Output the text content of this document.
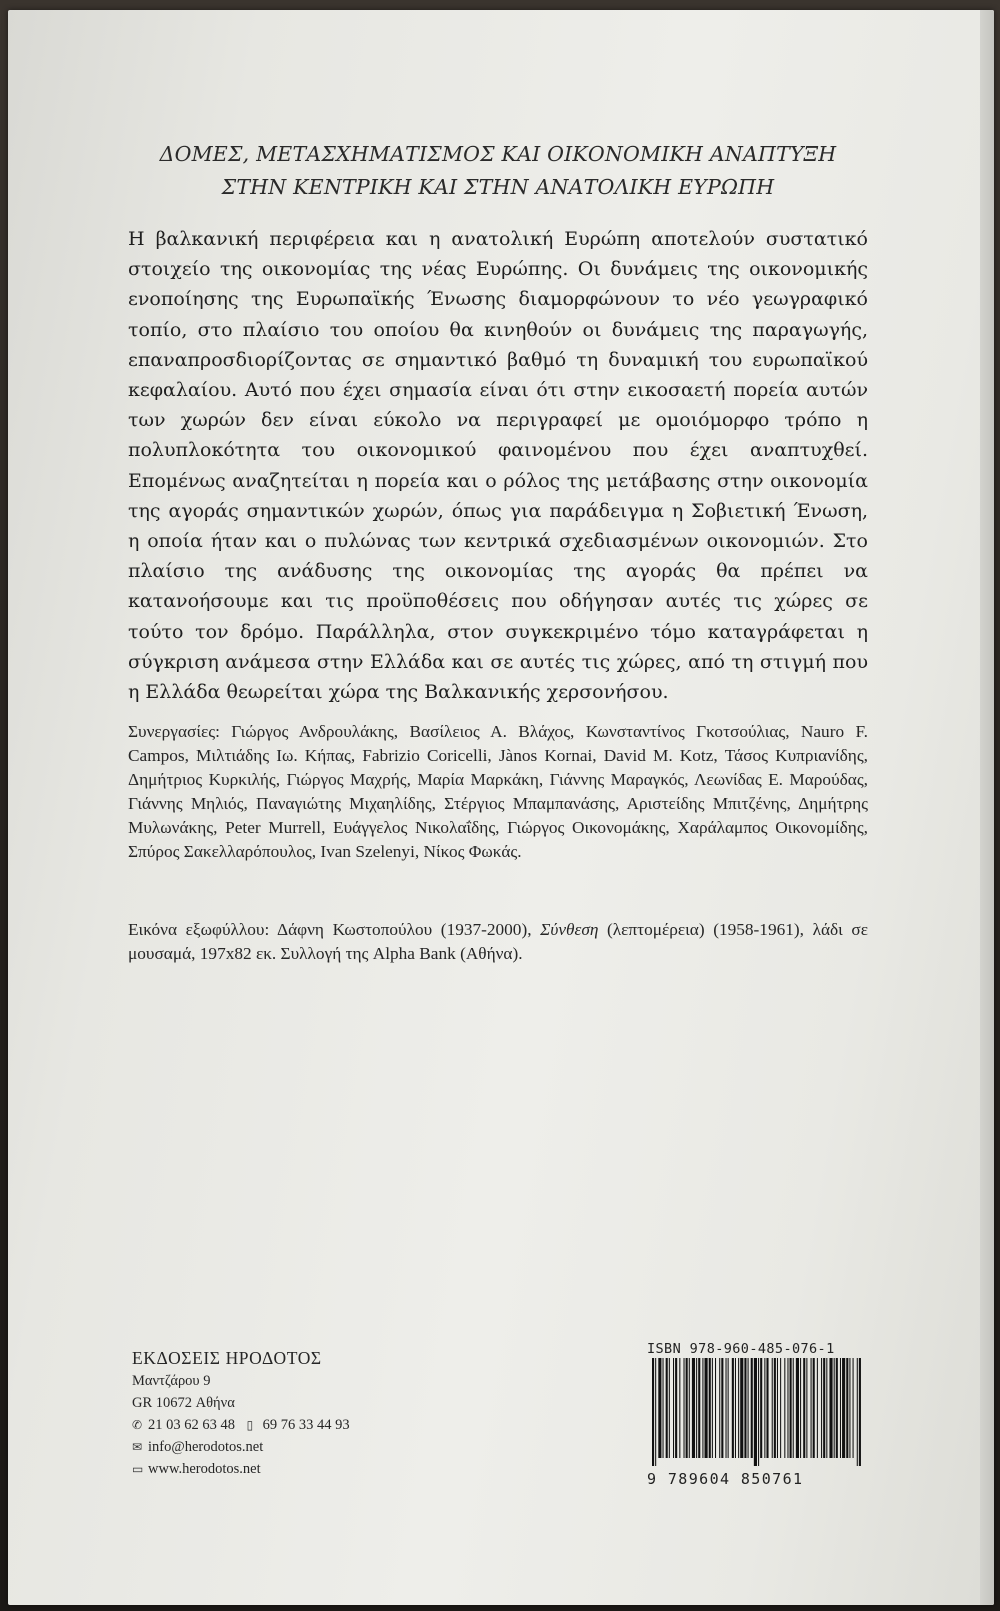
ΔΟΜΕΣ, ΜΕΤΑΣΧΗΜΑΤΙΣΜΟΣ ΚΑΙ ΟΙΚΟΝΟΜΙΚΗ ΑΝΑΠΤΥΞΗ
ΣΤΗΝ ΚΕΝΤΡΙΚΗ ΚΑΙ ΣΤΗΝ ΑΝΑΤΟΛΙΚΗ ΕΥΡΩΠΗ
Η βαλκανική περιφέρεια και η ανατολική Ευρώπη αποτελούν συστατικό στοιχείο της οικονομίας της νέας Ευρώπης. Οι δυνάμεις της οικονομικής ενοποίησης της Ευρωπαϊκής Ένωσης διαμορφώνουν το νέο γεωγραφικό τοπίο, στο πλαίσιο του οποίου θα κινηθούν οι δυνάμεις της παραγωγής, επαναπροσδιορίζοντας σε σημαντικό βαθμό τη δυναμική του ευρωπαϊκού κεφαλαίου. Αυτό που έχει σημασία είναι ότι στην εικοσαετή πορεία αυτών των χωρών δεν είναι εύκολο να περιγραφεί με ομοιόμορφο τρόπο η πολυπλοκότητα του οικονομικού φαινομένου που έχει αναπτυχθεί. Επομένως αναζητείται η πορεία και ο ρόλος της μετάβασης στην οικονομία της αγοράς σημαντικών χωρών, όπως για παράδειγμα η Σοβιετική Ένωση, η οποία ήταν και ο πυλώνας των κεντρικά σχεδιασμένων οικονομιών. Στο πλαίσιο της ανάδυσης της οικονομίας της αγοράς θα πρέπει να κατανοήσουμε και τις προϋποθέσεις που οδήγησαν αυτές τις χώρες σε τούτο τον δρόμο. Παράλληλα, στον συγκεκριμένο τόμο καταγράφεται η σύγκριση ανάμεσα στην Ελλάδα και σε αυτές τις χώρες, από τη στιγμή που η Ελλάδα θεωρείται χώρα της Βαλκανικής χερσονήσου.
Συνεργασίες: Γιώργος Ανδρουλάκης, Βασίλειος Α. Βλάχος, Κωνσταντίνος Γκοτσούλιας, Nauro F. Campos, Μιλτιάδης Ιω. Κήπας, Fabrizio Coricelli, Jànos Kornai, David M. Kotz, Τάσος Κυπριανίδης, Δημήτριος Κυρκιλής, Γιώργος Μαχρής, Μαρία Μαρκάκη, Γιάννης Μαραγκός, Λεωνίδας Ε. Μαρούδας, Γιάννης Μηλιός, Παναγιώτης Μιχαηλίδης, Στέργιος Μπαμπανάσης, Αριστείδης Μπιτζένης, Δημήτρης Μυλωνάκης, Peter Murrell, Ευάγγελος Νικολαΐδης, Γιώργος Οικονομάκης, Χαράλαμπος Οικονομίδης, Σπύρος Σακελλαρόπουλος, Ivan Szelenyi, Νίκος Φωκάς.
Εικόνα εξωφύλλου: Δάφνη Κωστοπούλου (1937-2000), Σύνθεση (λεπτομέρεια) (1958-1961), λάδι σε μουσαμά, 197x82 εκ. Συλλογή της Alpha Bank (Αθήνα).
ΕΚΔΟΣΕΙΣ ΗΡΟΔΟΤΟΣ
Μαντζάρου 9
GR 10672 Αθήνα
✆ 21 03 62 63 48 ▯ 69 76 33 44 93
✉ info@herodotos.net
▭ www.herodotos.net
ISBN 978-960-485-076-1
9 789604 850761
